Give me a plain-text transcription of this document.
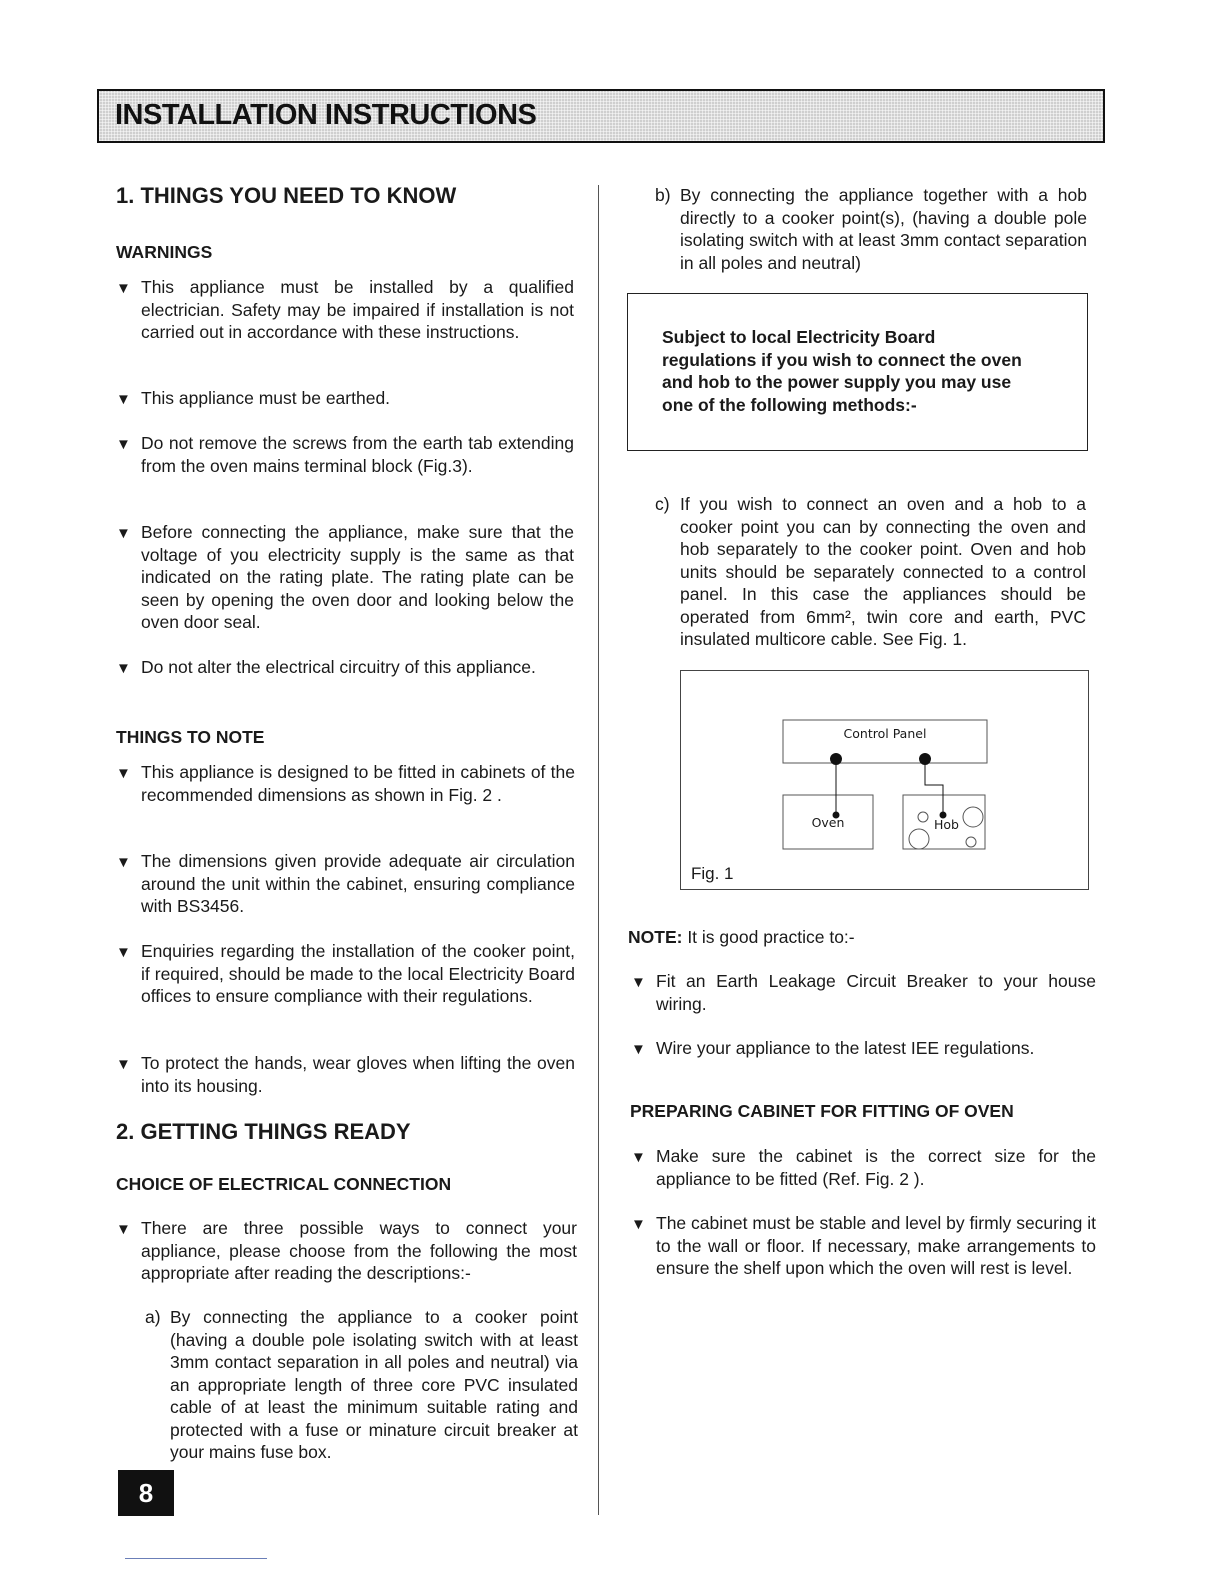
INSTALLATION INSTRUCTIONS
1. THINGS YOU NEED TO KNOW
WARNINGS
▼ This appliance must be installed by a qualified electrician. Safety may be impaired if installation is not carried out in accordance with these instructions.
▼ This appliance must be earthed.
▼ Do not remove the screws from the earth tab extending from the oven mains terminal block (Fig.3).
▼ Before connecting the appliance, make sure that the voltage of you electricity supply is the same as that indicated on the rating plate. The rating plate can be seen by opening the oven door and looking below the oven door seal.
▼ Do not alter the electrical circuitry of this appliance.
THINGS TO NOTE
▼ This appliance is designed to be fitted in cabinets of the recommended dimensions as shown in Fig. 2 .
▼ The dimensions given provide adequate air circulation around the unit within the cabinet, ensuring compliance with BS3456.
▼ Enquiries regarding the installation of the cooker point, if required, should be made to the local Electricity Board offices to ensure compliance with their regulations.
▼ To protect the hands, wear gloves when lifting the oven into its housing.
2. GETTING THINGS READY
CHOICE OF ELECTRICAL CONNECTION
▼ There are three possible ways to connect your appliance, please choose from the following the most appropriate after reading the descriptions:-
a) By connecting the appliance to a cooker point (having a double pole isolating switch with at least 3mm contact separation in all poles and neutral) via an appropriate length of three core PVC insulated cable of at least the minimum suitable rating and protected with a fuse or minature circuit breaker at your mains fuse box.
8
b) By connecting the appliance together with a hob directly to a cooker point(s), (having a double pole isolating switch with at least 3mm contact separation in all poles and neutral)
Subject to local Electricity Board regulations if you wish to connect the oven and hob to the power supply you may use one of the following methods:-
c) If you wish to connect an oven and a hob to a cooker point you can by connecting the oven and hob separately to the cooker point. Oven and hob units should be separately connected to a control panel. In this case the appliances should be operated from 6mm², twin core and earth, PVC insulated multicore cable. See Fig. 1.
Control Panel
Oven	Hob
Fig. 1
NOTE: It is good practice to:-
▼ Fit an Earth Leakage Circuit Breaker to your house wiring.
▼ Wire your appliance to the latest IEE regulations.
PREPARING CABINET FOR FITTING OF OVEN
▼ Make sure the cabinet is the correct size for the appliance to be fitted (Ref. Fig. 2 ).
▼ The cabinet must be stable and level by firmly securing it to the wall or floor. If necessary, make arrangements to ensure the shelf upon which the oven will rest is level.
